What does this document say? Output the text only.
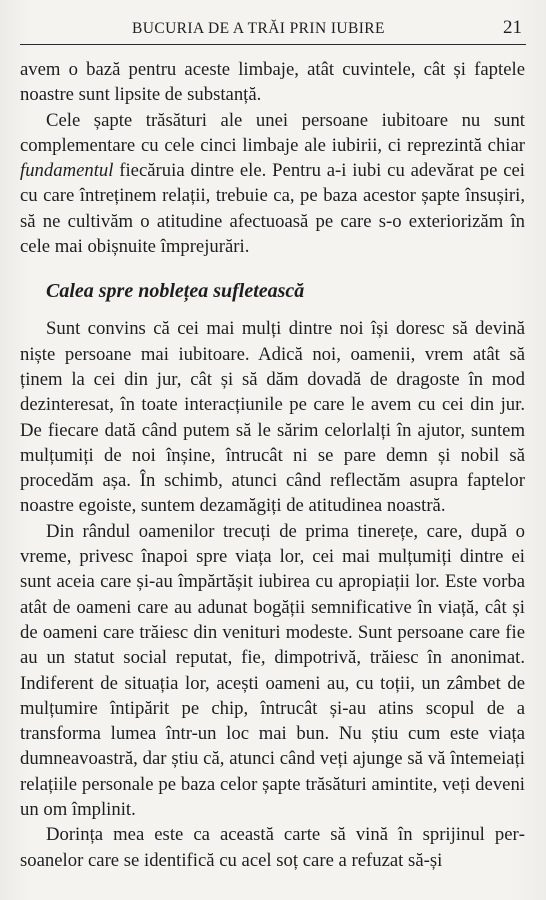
BUCURIA DE A TRĂI PRIN IUBIRE	21

avem o bază pentru aceste limbaje, atât cuvintele, cât și faptele noastre sunt lipsite de substanță.

Cele șapte trăsături ale unei persoane iubitoare nu sunt complementare cu cele cinci limbaje ale iubirii, ci reprezintă chiar fundamentul fiecăruia dintre ele. Pentru a-i iubi cu adevărat pe cei cu care întreținem relații, trebuie ca, pe baza acestor șapte însușiri, să ne cultivăm o atitudine afectuoasă pe care s-o exteriorizăm în cele mai obișnuite împrejurări.

Calea spre noblețea sufletească

Sunt convins că cei mai mulți dintre noi își doresc să devină niște persoane mai iubitoare. Adică noi, oamenii, vrem atât să ținem la cei din jur, cât și să dăm dovadă de dragoste în mod dezinteresat, în toate interacțiunile pe care le avem cu cei din jur. De fiecare dată când putem să le sărim celorlalți în ajutor, suntem mulțumiți de noi înșine, întrucât ni se pare demn și nobil să procedăm așa. În schimb, atunci când reflectăm asupra faptelor noastre egoiste, suntem dezamăgiți de atitudinea noastră.

Din rândul oamenilor trecuți de prima tinerețe, care, după o vreme, privesc înapoi spre viața lor, cei mai mulțumiți dintre ei sunt aceia care și-au împărtășit iubirea cu apropiații lor. Este vorba atât de oameni care au adunat bogății semnificative în viață, cât și de oameni care trăiesc din venituri modeste. Sunt persoane care fie au un statut social reputat, fie, dimpotrivă, trăiesc în anonimat. Indiferent de situația lor, acești oameni au, cu toții, un zâmbet de mulțumire întipărit pe chip, întrucât și-au atins scopul de a transforma lumea într-un loc mai bun. Nu știu cum este viața dumneavoastră, dar știu că, atunci când veți ajunge să vă întemeiați relațiile personale pe baza celor șapte trăsături amintite, veți deveni un om împlinit.

Dorința mea este ca această carte să vină în sprijinul persoanelor care se identifică cu acel soț care a refuzat să-și
